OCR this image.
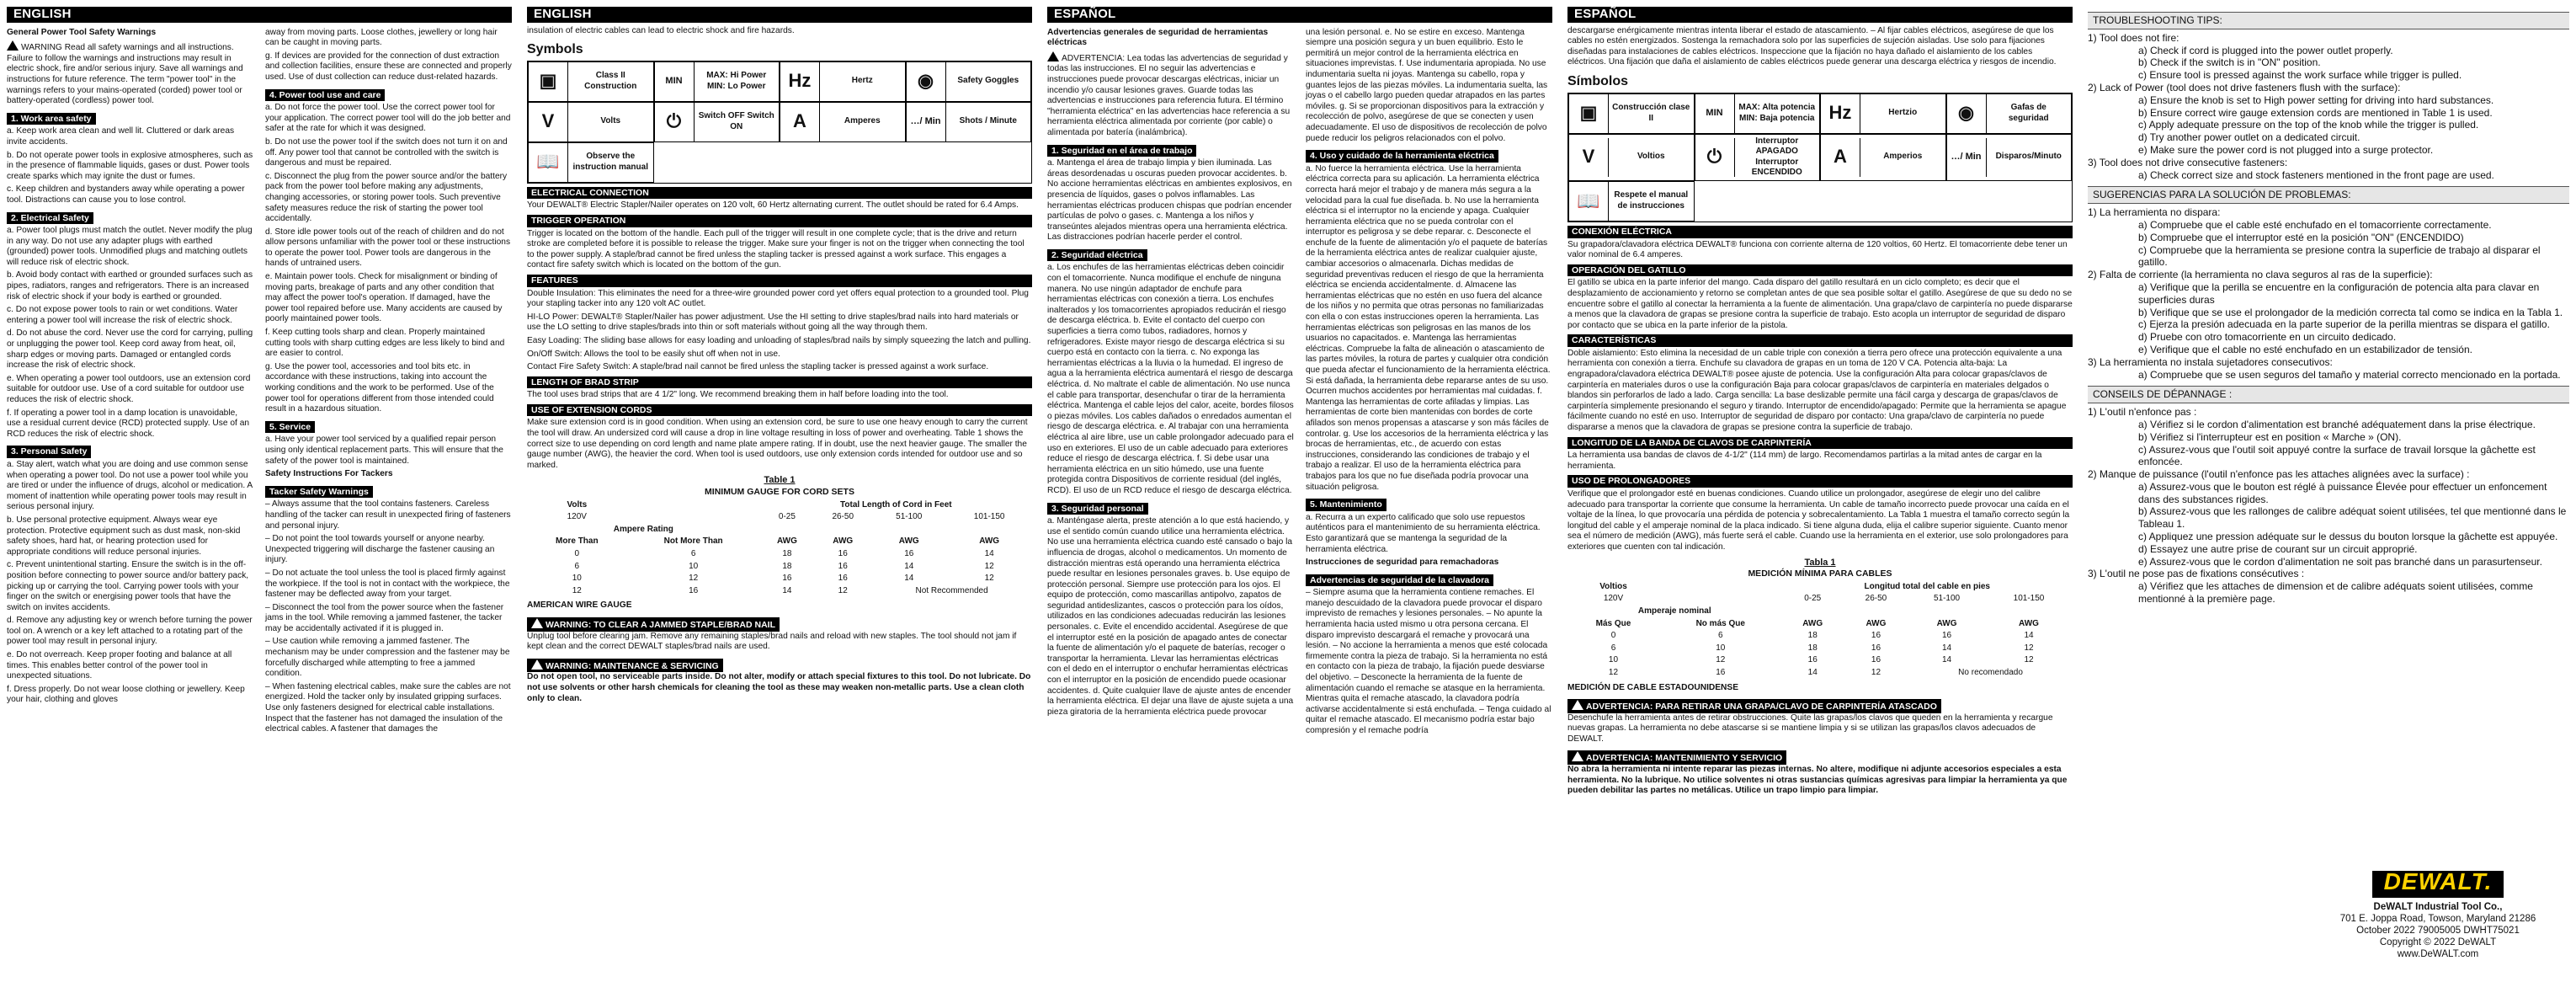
ENGLISH

General Power Tool Safety Warnings

WARNING Read all safety warnings and all instructions. Failure to follow the warnings and instructions may result in electric shock, fire and/or serious injury. Save all warnings and instructions for future reference. The term "power tool" in the warnings refers to your mains-operated (corded) power tool or battery-operated (cordless) power tool.

1. Work area safety

a. Keep work area clean and well lit. Cluttered or dark areas invite accidents.

b. Do not operate power tools in explosive atmospheres, such as in the presence of flammable liquids, gases or dust. Power tools create sparks which may ignite the dust or fumes.

c. Keep children and bystanders away while operating a power tool. Distractions can cause you to lose control.

2. Electrical Safety

a. Power tool plugs must match the outlet. Never modify the plug in any way. Do not use any adapter plugs with earthed (grounded) power tools. Unmodified plugs and matching outlets will reduce risk of electric shock.

b. Avoid body contact with earthed or grounded surfaces such as pipes, radiators, ranges and refrigerators. There is an increased risk of electric shock if your body is earthed or grounded.

c. Do not expose power tools to rain or wet conditions. Water entering a power tool will increase the risk of electric shock.

d. Do not abuse the cord. Never use the cord for carrying, pulling or unplugging the power tool. Keep cord away from heat, oil, sharp edges or moving parts. Damaged or entangled cords increase the risk of electric shock.

e. When operating a power tool outdoors, use an extension cord suitable for outdoor use. Use of a cord suitable for outdoor use reduces the risk of electric shock.

f. If operating a power tool in a damp location is unavoidable, use a residual current device (RCD) protected supply. Use of an RCD reduces the risk of electric shock.

3. Personal Safety

a. Stay alert, watch what you are doing and use common sense when operating a power tool. Do not use a power tool while you are tired or under the influence of drugs, alcohol or medication. A moment of inattention while operating power tools may result in serious personal injury.

b. Use personal protective equipment. Always wear eye protection. Protective equipment such as dust mask, non-skid safety shoes, hard hat, or hearing protection used for appropriate conditions will reduce personal injuries.

c. Prevent unintentional starting. Ensure the switch is in the off-position before connecting to power source and/or battery pack, picking up or carrying the tool. Carrying power tools with your finger on the switch or energising power tools that have the switch on invites accidents.

d. Remove any adjusting key or wrench before turning the power tool on. A wrench or a key left attached to a rotating part of the power tool may result in personal injury.

e. Do not overreach. Keep proper footing and balance at all times. This enables better control of the power tool in unexpected situations.

f. Dress properly. Do not wear loose clothing or jewellery. Keep your hair, clothing and gloves

away from moving parts. Loose clothes, jewellery or long hair can be caught in moving parts.

g. If devices are provided for the connection of dust extraction and collection facilities, ensure these are connected and properly used. Use of dust collection can reduce dust-related hazards.

4. Power tool use and care

a. Do not force the power tool. Use the correct power tool for your application. The correct power tool will do the job better and safer at the rate for which it was designed.

b. Do not use the power tool if the switch does not turn it on and off. Any power tool that cannot be controlled with the switch is dangerous and must be repaired.

c. Disconnect the plug from the power source and/or the battery pack from the power tool before making any adjustments, changing accessories, or storing power tools. Such preventive safety measures reduce the risk of starting the power tool accidentally.

d. Store idle power tools out of the reach of children and do not allow persons unfamiliar with the power tool or these instructions to operate the power tool. Power tools are dangerous in the hands of untrained users.

e. Maintain power tools. Check for misalignment or binding of moving parts, breakage of parts and any other condition that may affect the power tool's operation. If damaged, have the power tool repaired before use. Many accidents are caused by poorly maintained power tools.

f. Keep cutting tools sharp and clean. Properly maintained cutting tools with sharp cutting edges are less likely to bind and are easier to control.

g. Use the power tool, accessories and tool bits etc. in accordance with these instructions, taking into account the working conditions and the work to be performed. Use of the power tool for operations different from those intended could result in a hazardous situation.

5. Service

a. Have your power tool serviced by a qualified repair person using only identical replacement parts. This will ensure that the safety of the power tool is maintained.

Safety Instructions For Tackers

Tacker Safety Warnings

– Always assume that the tool contains fasteners. Careless handling of the tacker can result in unexpected firing of fasteners and personal injury.

– Do not point the tool towards yourself or anyone nearby. Unexpected triggering will discharge the fastener causing an injury.

– Do not actuate the tool unless the tool is placed firmly against the workpiece. If the tool is not in contact with the workpiece, the fastener may be deflected away from your target.

– Disconnect the tool from the power source when the fastener jams in the tool. While removing a jammed fastener, the tacker may be accidentally activated if it is plugged in.

– Use caution while removing a jammed fastener. The mechanism may be under compression and the fastener may be forcefully discharged while attempting to free a jammed condition.

– When fastening electrical cables, make sure the cables are not energized. Hold the tacker only by insulated gripping surfaces. Use only fasteners designed for electrical cable installations. Inspect that the fastener has not damaged the insulation of the electrical cables. A fastener that damages the

ENGLISH

insulation of electric cables can lead to electric shock and fire hazards.

Symbols
▣	Class II Construction	MIN
MAX: Hi Power MIN: Lo Power	Hz	Hertz	◉	Safety Goggles
V	Volts	⏻	Switch OFF Switch ON	A	Amperes	…/ Min	Shots / Minute
📖	Observe the instruction manual
ELECTRICAL CONNECTION

Your DEWALT® Electric Stapler/Nailer operates on 120 volt, 60 Hertz alternating current. The outlet should be rated for 6.4 Amps.

TRIGGER OPERATION

Trigger is located on the bottom of the handle. Each pull of the trigger will result in one complete cycle; that is the drive and return stroke are completed before it is possible to release the trigger. Make sure your finger is not on the trigger when connecting the tool to the power supply. A staple/brad cannot be fired unless the stapling tacker is pressed against a work surface. This engages a contact fire safety switch which is located on the bottom of the gun.

FEATURES

Double Insulation: This eliminates the need for a three-wire grounded power cord yet offers equal protection to a grounded tool. Plug your stapling tacker into any 120 volt AC outlet.

HI-LO Power: DEWALT® Stapler/Nailer has power adjustment. Use the HI setting to drive staples/brad nails into hard materials or use the LO setting to drive staples/brads into thin or soft materials without going all the way through them.

Easy Loading: The sliding base allows for easy loading and unloading of staples/brad nails by simply squeezing the latch and pulling.

On/Off Switch: Allows the tool to be easily shut off when not in use.

Contact Fire Safety Switch: A staple/brad nail cannot be fired unless the stapling tacker is pressed against a work surface.

LENGTH OF BRAD STRIP

The tool uses brad strips that are 4 1/2" long. We recommend breaking them in half before loading into the tool.

USE OF EXTENSION CORDS

Make sure extension cord is in good condition. When using an extension cord, be sure to use one heavy enough to carry the current the tool will draw. An undersized cord will cause a drop in line voltage resulting in loss of power and overheating. Table 1 shows the correct size to use depending on cord length and name plate ampere rating. If in doubt, use the next heavier gauge. The smaller the gauge number (AWG), the heavier the cord. When tool is used outdoors, use only extension cords intended for outdoor use and so marked.

Table 1
MINIMUM GAUGE FOR CORD SETS
Volts		Total Length of Cord in Feet			
120V		0-25	26-50	51-100	101-150
Ampere Rating					
More Than	Not More Than	AWG	AWG	AWG	AWG
0	6	18	16	16	14
6	10	18	16	14	12
10	12	16	16	14	12
12	16	14	12	Not Recommended	

AMERICAN WIRE GAUGE

WARNING: TO CLEAR A JAMMED STAPLE/BRAD NAIL

Unplug tool before clearing jam. Remove any remaining staples/brad nails and reload with new staples. The tool should not jam if kept clean and the correct DEWALT staples/brad nails are used.

WARNING: MAINTENANCE & SERVICING

Do not open tool, no serviceable parts inside. Do not alter, modify or attach special fixtures to this tool. Do not lubricate. Do not use solvents or other harsh chemicals for cleaning the tool as these may weaken non-metallic parts. Use a clean cloth only to clean.

ESPAÑOL

Advertencias generales de seguridad de herramientas eléctricas

ADVERTENCIA: Lea todas las advertencias de seguridad y todas las instrucciones. El no seguir las advertencias e instrucciones puede provocar descargas eléctricas, iniciar un incendio y/o causar lesiones graves. Guarde todas las advertencias e instrucciones para referencia futura. El término "herramienta eléctrica" en las advertencias hace referencia a su herramienta eléctrica alimentada por corriente (por cable) o alimentada por batería (inalámbrica).

1. Seguridad en el área de trabajo

a. Mantenga el área de trabajo limpia y bien iluminada. Las áreas desordenadas u oscuras pueden provocar accidentes. b. No accione herramientas eléctricas en ambientes explosivos, en presencia de líquidos, gases o polvos inflamables. Las herramientas eléctricas producen chispas que podrían encender partículas de polvo o gases. c. Mantenga a los niños y transeúntes alejados mientras opera una herramienta eléctrica. Las distracciones podrían hacerle perder el control.

2. Seguridad eléctrica

a. Los enchufes de las herramientas eléctricas deben coincidir con el tomacorriente. Nunca modifique el enchufe de ninguna manera. No use ningún adaptador de enchufe para herramientas eléctricas con conexión a tierra. Los enchufes inalterados y los tomacorrientes apropiados reducirán el riesgo de descarga eléctrica. b. Evite el contacto del cuerpo con superficies a tierra como tubos, radiadores, hornos y refrigeradores. Existe mayor riesgo de descarga eléctrica si su cuerpo está en contacto con la tierra. c. No exponga las herramientas eléctricas a la lluvia o la humedad. El ingreso de agua a la herramienta eléctrica aumentará el riesgo de descarga eléctrica. d. No maltrate el cable de alimentación. No use nunca el cable para transportar, desenchufar o tirar de la herramienta eléctrica. Mantenga el cable lejos del calor, aceite, bordes filosos o piezas móviles. Los cables dañados o enredados aumentan el riesgo de descarga eléctrica. e. Al trabajar con una herramienta eléctrica al aire libre, use un cable prolongador adecuado para el uso en exteriores. El uso de un cable adecuado para exteriores reduce el riesgo de descarga eléctrica. f. Si debe usar una herramienta eléctrica en un sitio húmedo, use una fuente protegida contra Dispositivos de corriente residual (del inglés, RCD). El uso de un RCD reduce el riesgo de descarga eléctrica.

3. Seguridad personal

a. Manténgase alerta, preste atención a lo que está haciendo, y use el sentido común cuando utilice una herramienta eléctrica. No use una herramienta eléctrica cuando esté cansado o bajo la influencia de drogas, alcohol o medicamentos. Un momento de distracción mientras está operando una herramienta eléctrica puede resultar en lesiones personales graves. b. Use equipo de protección personal. Siempre use protección para los ojos. El equipo de protección, como mascarillas antipolvo, zapatos de seguridad antideslizantes, cascos o protección para los oídos, utilizados en las condiciones adecuadas reducirán las lesiones personales. c. Evite el encendido accidental. Asegúrese de que el interruptor esté en la posición de apagado antes de conectar la fuente de alimentación y/o el paquete de baterías, recoger o transportar la herramienta. Llevar las herramientas eléctricas con el dedo en el interruptor o enchufar herramientas eléctricas con el interruptor en la posición de encendido puede ocasionar accidentes. d. Quite cualquier llave de ajuste antes de encender la herramienta eléctrica. El dejar una llave de ajuste sujeta a una pieza giratoria de la herramienta eléctrica puede provocar

una lesión personal. e. No se estire en exceso. Mantenga siempre una posición segura y un buen equilibrio. Esto le permitirá un mejor control de la herramienta eléctrica en situaciones imprevistas. f. Use indumentaria apropiada. No use indumentaria suelta ni joyas. Mantenga su cabello, ropa y guantes lejos de las piezas móviles. La indumentaria suelta, las joyas o el cabello largo pueden quedar atrapados en las partes móviles. g. Si se proporcionan dispositivos para la extracción y recolección de polvo, asegúrese de que se conecten y usen adecuadamente. El uso de dispositivos de recolección de polvo puede reducir los peligros relacionados con el polvo.

4. Uso y cuidado de la herramienta eléctrica

a. No fuerce la herramienta eléctrica. Use la herramienta eléctrica correcta para su aplicación. La herramienta eléctrica correcta hará mejor el trabajo y de manera más segura a la velocidad para la cual fue diseñada. b. No use la herramienta eléctrica si el interruptor no la enciende y apaga. Cualquier herramienta eléctrica que no se pueda controlar con el interruptor es peligrosa y se debe reparar. c. Desconecte el enchufe de la fuente de alimentación y/o el paquete de baterías de la herramienta eléctrica antes de realizar cualquier ajuste, cambiar accesorios o almacenarla. Dichas medidas de seguridad preventivas reducen el riesgo de que la herramienta eléctrica se encienda accidentalmente. d. Almacene las herramientas eléctricas que no estén en uso fuera del alcance de los niños y no permita que otras personas no familiarizadas con ella o con estas instrucciones operen la herramienta. Las herramientas eléctricas son peligrosas en las manos de los usuarios no capacitados. e. Mantenga las herramientas eléctricas. Compruebe la falta de alineación o atascamiento de las partes móviles, la rotura de partes y cualquier otra condición que pueda afectar el funcionamiento de la herramienta eléctrica. Si está dañada, la herramienta debe repararse antes de su uso. Ocurren muchos accidentes por herramientas mal cuidadas. f. Mantenga las herramientas de corte afiladas y limpias. Las herramientas de corte bien mantenidas con bordes de corte afilados son menos propensas a atascarse y son más fáciles de controlar. g. Use los accesorios de la herramienta eléctrica y las brocas de herramientas, etc., de acuerdo con estas instrucciones, considerando las condiciones de trabajo y el trabajo a realizar. El uso de la herramienta eléctrica para trabajos para los que no fue diseñada podría provocar una situación peligrosa.

5. Mantenimiento

a. Recurra a un experto calificado que solo use repuestos auténticos para el mantenimiento de su herramienta eléctrica. Esto garantizará que se mantenga la seguridad de la herramienta eléctrica.

Instrucciones de seguridad para remachadoras

Advertencias de seguridad de la clavadora

– Siempre asuma que la herramienta contiene remaches. El manejo descuidado de la clavadora puede provocar el disparo imprevisto de remaches y lesiones personales. – No apunte la herramienta hacia usted mismo u otra persona cercana. El disparo imprevisto descargará el remache y provocará una lesión. – No accione la herramienta a menos que esté colocada firmemente contra la pieza de trabajo. Si la herramienta no está en contacto con la pieza de trabajo, la fijación puede desviarse del objetivo. – Desconecte la herramienta de la fuente de alimentación cuando el remache se atasque en la herramienta. Mientras quita el remache atascado, la clavadora podría activarse accidentalmente si está enchufada. – Tenga cuidado al quitar el remache atascado. El mecanismo podría estar bajo compresión y el remache podría

ESPAÑOL

descargarse enérgicamente mientras intenta liberar el estado de atascamiento. – Al fijar cables eléctricos, asegúrese de que los cables no estén energizados. Sostenga la remachadora solo por las superficies de sujeción aisladas. Use solo para fijaciones diseñadas para instalaciones de cables eléctricos. Inspeccione que la fijación no haya dañado el aislamiento de los cables eléctricos. Una fijación que daña el aislamiento de cables eléctricos puede generar una descarga eléctrica y riesgos de incendio.

Símbolos
▣	Construcción clase II	MIN
MAX: Alta potencia MIN: Baja potencia Hz	Hertzio	◉	Gafas de seguridad
V	Voltios	⏻
Interruptor APAGADO Interruptor ENCENDIDO
A	Amperios	…/ Min	Disparos/Minuto
📖	Respete el manual de instrucciones
CONEXIÓN ELÉCTRICA

Su grapadora/clavadora eléctrica DEWALT® funciona con corriente alterna de 120 voltios, 60 Hertz. El tomacorriente debe tener un valor nominal de 6.4 amperes.

OPERACIÓN DEL GATILLO

El gatillo se ubica en la parte inferior del mango. Cada disparo del gatillo resultará en un ciclo completo; es decir que el desplazamiento de accionamiento y retorno se completan antes de que sea posible soltar el gatillo. Asegúrese de que su dedo no se encuentre sobre el gatillo al conectar la herramienta a la fuente de alimentación. Una grapa/clavo de carpintería no puede dispararse a menos que la clavadora de grapas se presione contra la superficie de trabajo. Esto acopla un interruptor de seguridad de disparo por contacto que se ubica en la parte inferior de la pistola.

CARACTERÍSTICAS

Doble aislamiento: Esto elimina la necesidad de un cable triple con conexión a tierra pero ofrece una protección equivalente a una herramienta con conexión a tierra. Enchufe su clavadora de grapas en un toma de 120 V CA. Potencia alta-baja: La engrapadora/clavadora eléctrica DEWALT® posee ajuste de potencia. Use la configuración Alta para colocar grapas/clavos de carpintería en materiales duros o use la configuración Baja para colocar grapas/clavos de carpintería en materiales delgados o blandos sin perforarlos de lado a lado. Carga sencilla: La base deslizable permite una fácil carga y descarga de grapas/clavos de carpintería simplemente presionando el seguro y tirando. Interruptor de encendido/apagado: Permite que la herramienta se apague fácilmente cuando no esté en uso. Interruptor de seguridad de disparo por contacto: Una grapa/clavo de carpintería no puede dispararse a menos que la clavadora de grapas se presione contra la superficie de trabajo.

LONGITUD DE LA BANDA DE CLAVOS DE CARPINTERÍA

La herramienta usa bandas de clavos de 4-1/2" (114 mm) de largo. Recomendamos partirlas a la mitad antes de cargar en la herramienta.

USO DE PROLONGADORES

Verifique que el prolongador esté en buenas condiciones. Cuando utilice un prolongador, asegúrese de elegir uno del calibre adecuado para transportar la corriente que consume la herramienta. Un cable de tamaño incorrecto puede provocar una caída en el voltaje de la línea, lo que provocaría una pérdida de potencia y sobrecalentamiento. La Tabla 1 muestra el tamaño correcto según la longitud del cable y el amperaje nominal de la placa indicado. Si tiene alguna duda, elija el calibre superior siguiente. Cuanto menor sea el número de medición (AWG), más fuerte será el cable. Cuando use la herramienta en el exterior, use solo prolongadores para exteriores que cuenten con tal indicación.

Tabla 1
MEDICIÓN MÍNIMA PARA CABLES
Voltios		Longitud total del cable en pies			
120V		0-25	26-50	51-100	101-150
Amperaje nominal					
Más Que	No más Que	AWG	AWG	AWG	AWG
0	6	18	16	16	14
6	10	18	16	14	12
10	12	16	16	14	12
12	16	14	12	No recomendado	

MEDICIÓN DE CABLE ESTADOUNIDENSE

ADVERTENCIA: PARA RETIRAR UNA GRAPA/CLAVO DE CARPINTERÍA ATASCADO

Desenchufe la herramienta antes de retirar obstrucciones. Quite las grapas/los clavos que queden en la herramienta y recargue nuevas grapas. La herramienta no debe atascarse si se mantiene limpia y si se utilizan las grapas/los clavos adecuados de DEWALT.

ADVERTENCIA: MANTENIMIENTO Y SERVICIO

No abra la herramienta ni intente reparar las piezas internas. No altere, modifique ni adjunte accesorios especiales a esta herramienta. No la lubrique. No utilice solventes ni otras sustancias químicas agresivas para limpiar la herramienta ya que pueden debilitar las partes no metálicas. Utilice un trapo limpio para limpiar.

TROUBLESHOOTING TIPS:
1) Tool does not fire:
a) Check if cord is plugged into the power outlet properly.
b) Check if the switch is in "ON" position.
c) Ensure tool is pressed against the work surface while trigger is pulled.
2) Lack of Power (tool does not drive fasteners flush with the surface):
a) Ensure the knob is set to High power setting for driving into hard substances.
b) Ensure correct wire gauge extension cords are mentioned in Table 1 is used.
c) Apply adequate pressure on the top of the knob while the trigger is pulled.
d) Try another power outlet on a dedicated circuit.
e) Make sure the power cord is not plugged into a surge protector.
3) Tool does not drive consecutive fasteners:
a) Check correct size and stock fasteners mentioned in the front page are used.
SUGERENCIAS PARA LA SOLUCIÓN DE PROBLEMAS:
1) La herramienta no dispara:
a) Compruebe que el cable esté enchufado en el tomacorriente correctamente.
b) Compruebe que el interruptor esté en la posición "ON" (ENCENDIDO)
c) Compruebe que la herramienta se presione contra la superficie de trabajo al disparar el gatillo.
2) Falta de corriente (la herramienta no clava seguros al ras de la superficie):
a) Verifique que la perilla se encuentre en la configuración de potencia alta para clavar en superficies duras
b) Verifique que se use el prolongador de la medición correcta tal como se indica en la Tabla 1.
c) Ejerza la presión adecuada en la parte superior de la perilla mientras se dispara el gatillo.
d) Pruebe con otro tomacorriente en un circuito dedicado.
e) Verifique que el cable no esté enchufado en un estabilizador de tensión.
3) La herramienta no instala sujetadores consecutivos:
a) Compruebe que se usen seguros del tamaño y material correcto mencionado en la portada.
CONSEILS DE DÉPANNAGE :
1) L'outil n'enfonce pas :
a) Vérifiez si le cordon d'alimentation est branché adéquatement dans la prise électrique.
b) Vérifiez si l'interrupteur est en position « Marche » (ON).
c) Assurez-vous que l'outil soit appuyé contre la surface de travail lorsque la gâchette est enfoncée.
2) Manque de puissance (l'outil n'enfonce pas les attaches alignées avec la surface) :
a) Assurez-vous que le bouton est réglé à puissance Élevée pour effectuer un enfoncement dans des substances rigides.
b) Assurez-vous que les rallonges de calibre adéquat soient utilisées, tel que mentionné dans le Tableau 1.
c) Appliquez une pression adéquate sur le dessus du bouton lorsque la gâchette est appuyée.
d) Essayez une autre prise de courant sur un circuit approprié.
e) Assurez-vous que le cordon d'alimentation ne soit pas branché dans un parasurtenseur.
3) L'outil ne pose pas de fixations consécutives :
a) Vérifiez que les attaches de dimension et de calibre adéquats soient utilisées, comme mentionné à la première page.
DEWALT.
DeWALT Industrial Tool Co.,
701 E. Joppa Road, Towson, Maryland 21286
October 2022 79005005 DWHT75021
Copyright © 2022 DeWALT
www.DeWALT.com
